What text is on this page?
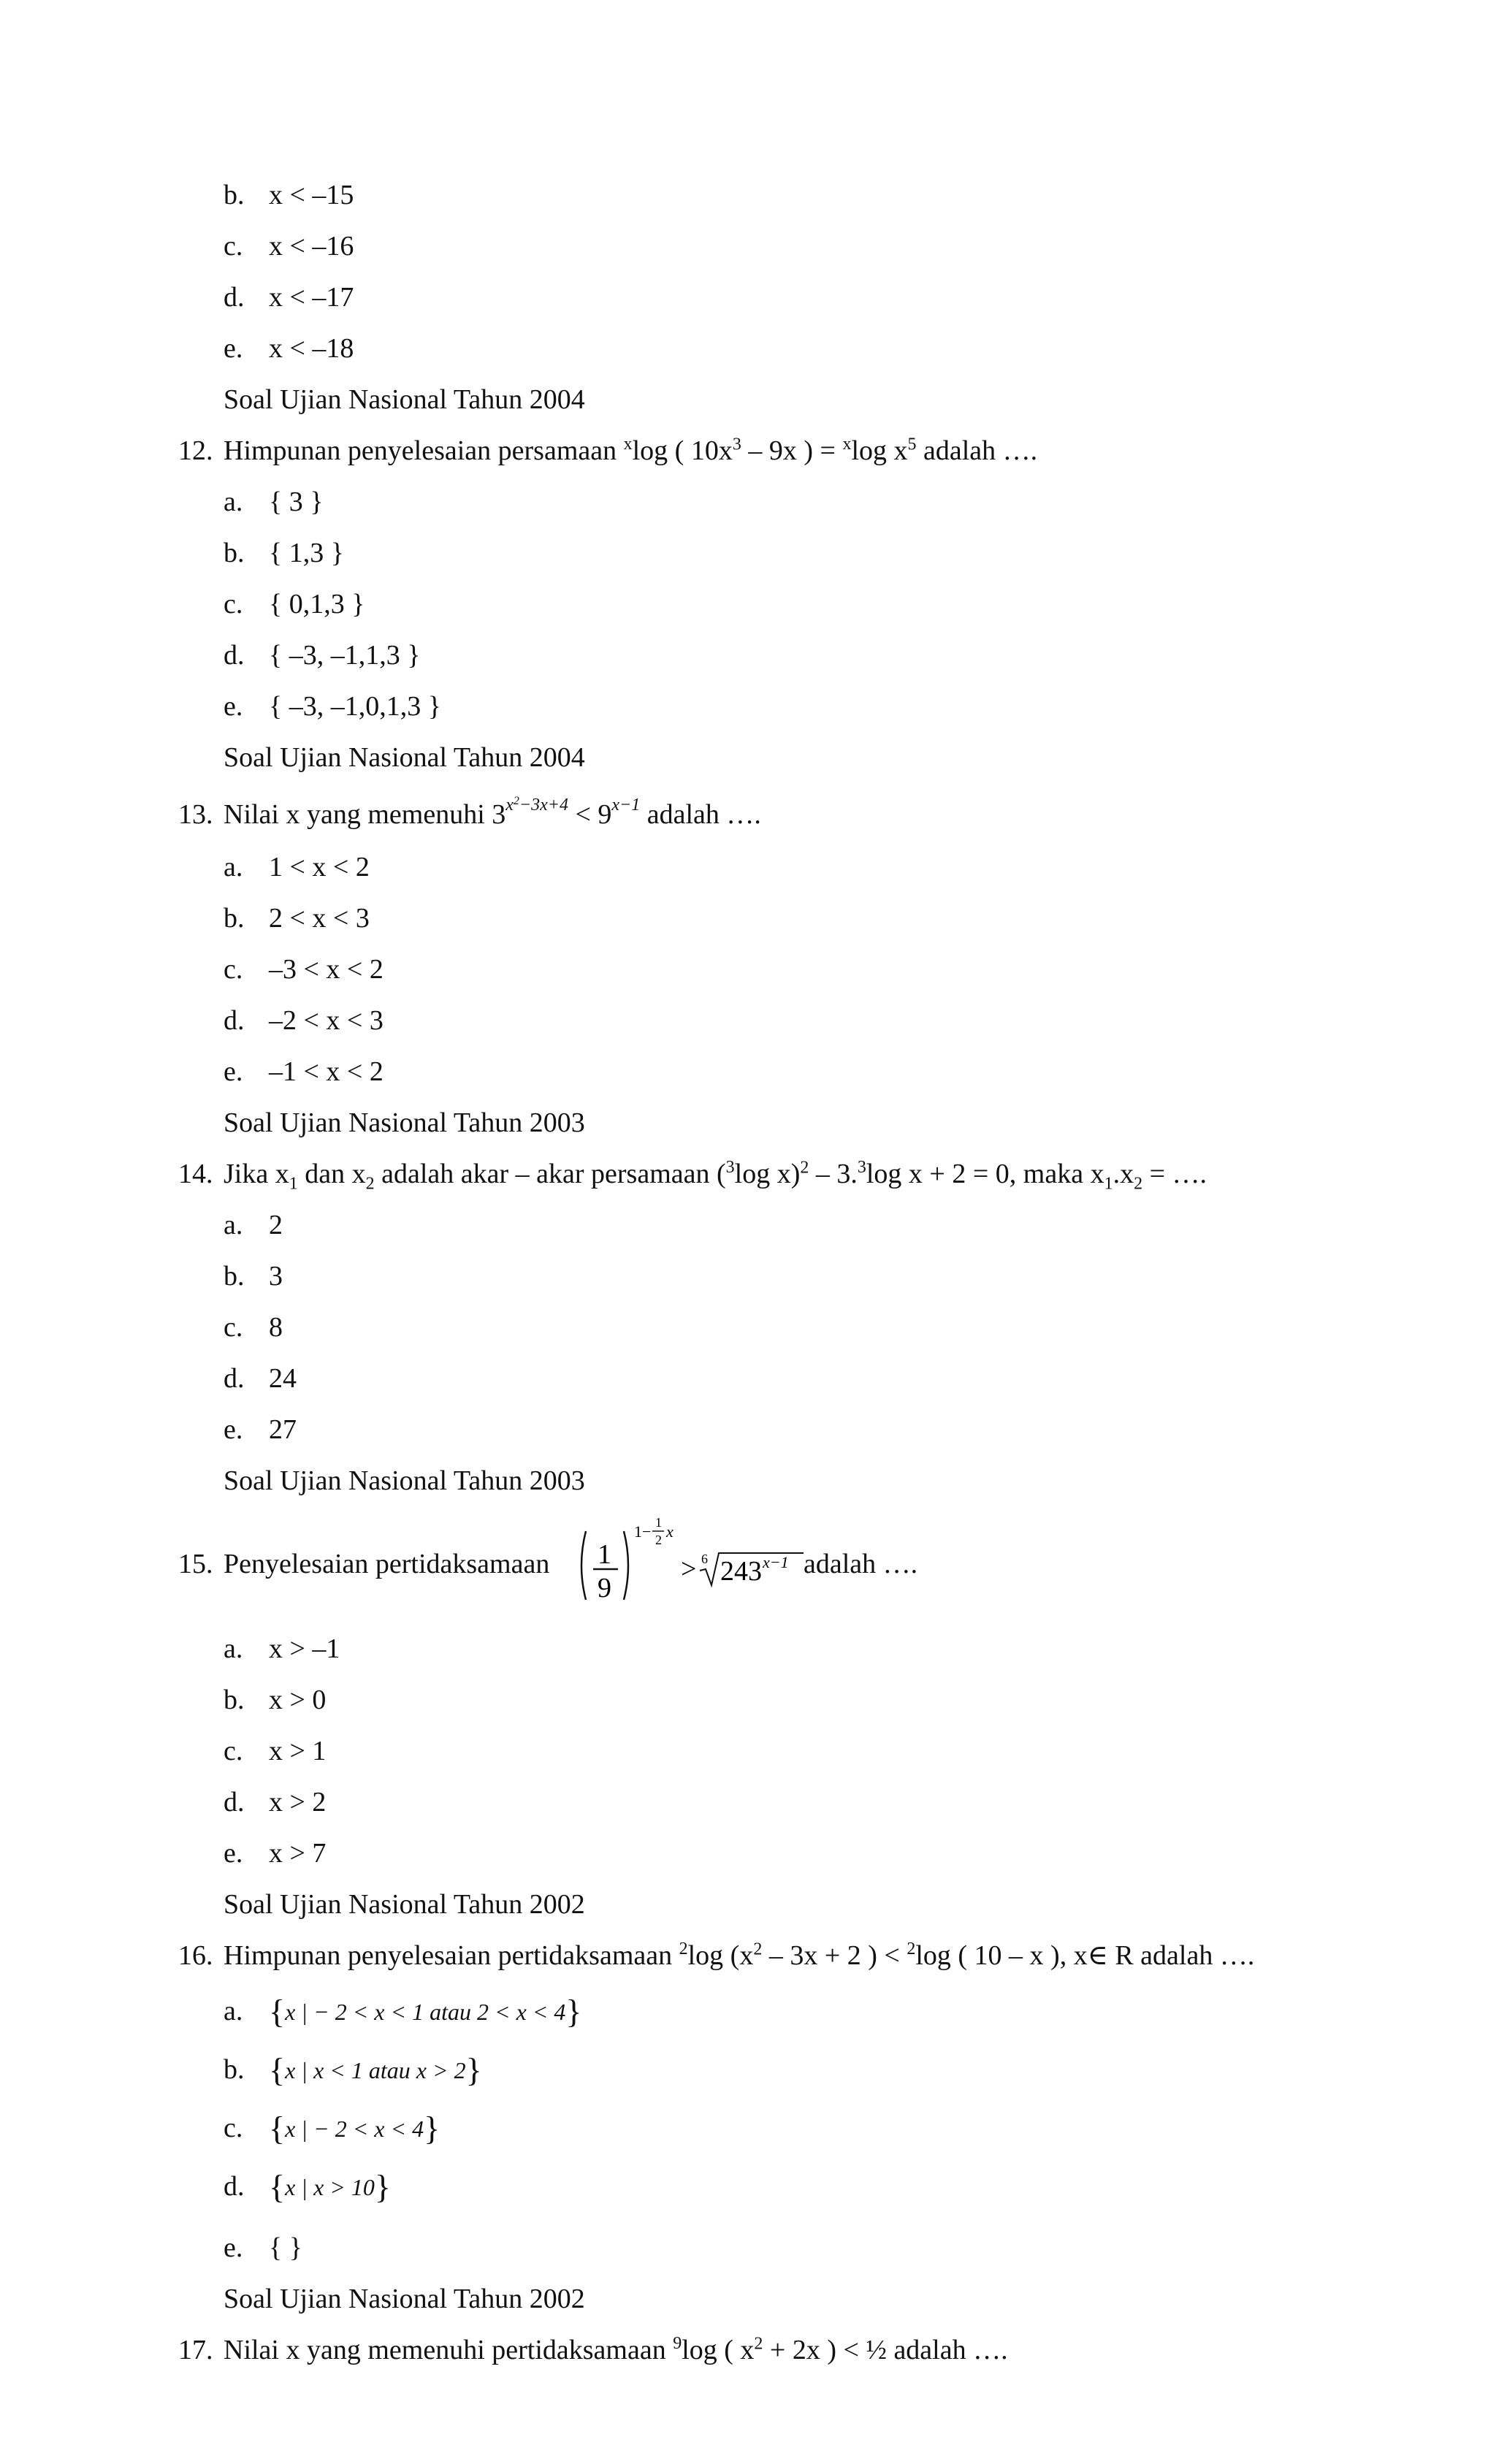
b. x < –15
c. x < –16
d. x < –17
e. x < –18
Soal Ujian Nasional Tahun 2004
12. Himpunan penyelesaian persamaan $^x$log ( $10x^3 - 9x$ ) = $^x$log $x^5$ adalah ….
a. { 3 }
b. { 1,3 }
c. { 0,1,3 }
d. { –3, –1,1,3 }
e. { –3, –1,0,1,3 }
Soal Ujian Nasional Tahun 2004
13. Nilai x yang memenuhi $3^{x^2-3x+4} < 9^{x-1}$ adalah ….
a. 1 < x < 2
b. 2 < x < 3
c. –3 < x < 2
d. –2 < x < 3
e. –1 < x < 2
Soal Ujian Nasional Tahun 2003
14. Jika $x_1$ dan $x_2$ adalah akar – akar persamaan ($^3$log x)$^2$ – 3.$^3$log x + 2 = 0, maka $x_1.x_2$ = ….
a. 2
b. 3
c. 8
d. 24
e. 27
Soal Ujian Nasional Tahun 2003
15. Penyelesaian pertidaksamaan 1
9
1− 1
2 x
> 6 243 x−1 adalah ….
a. x > –1
b. x > 0
c. x > 1
d. x > 2
e. x > 7
Soal Ujian Nasional Tahun 2002
16. Himpunan penyelesaian pertidaksamaan $^2$log ($x^2 - 3x + 2$ ) < $^2$log ( 10 – x ), x∈ R adalah ….
a. {x | − 2 < x < 1 atau 2 < x < 4}
b. {x | x < 1 atau x > 2}
c. {x | − 2 < x < 4}
d. {x | x > 10}
e. { }
Soal Ujian Nasional Tahun 2002
17. Nilai x yang memenuhi pertidaksamaan $^9$log ( $x^2 + 2x$ ) < ½ adalah ….
